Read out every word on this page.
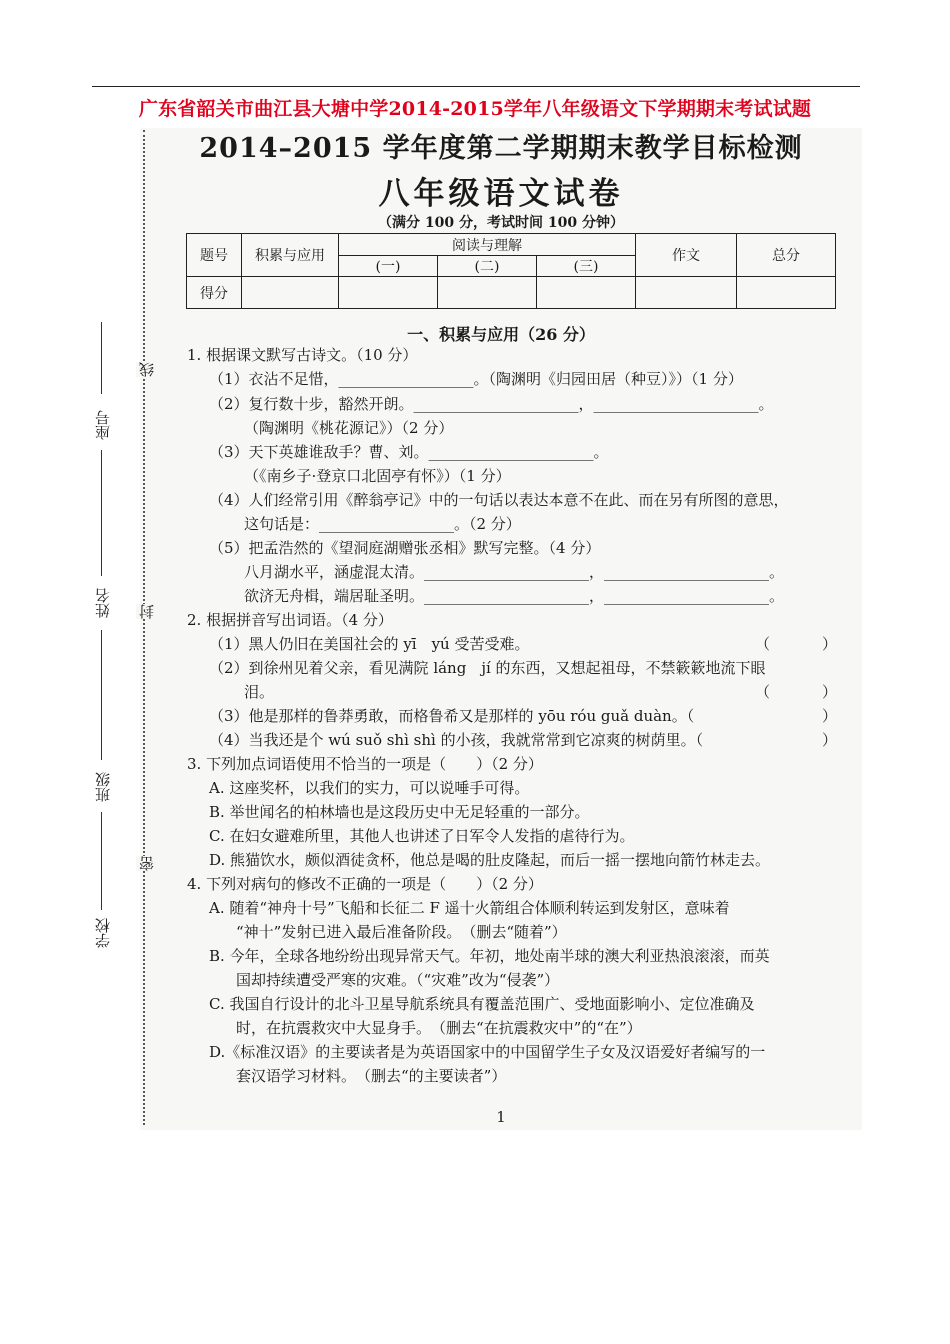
广东省韶关市曲江县大塘中学2014-2015学年八年级语文下学期期末考试试题
座号
姓名
班级
学校
线
封
密
2014–2015 学年度第二学期期末教学目标检测
八年级语文试卷
（满分 100 分，考试时间 100 分钟）
题号	积累与应用	阅读与理解			作文	总分
		(一)	(二)	(三)		
得分						
一、积累与应用（26 分）
1. 根据课文默写古诗文。（10 分）
（1）衣沾不足惜，__________________。（陶渊明《归园田居（种豆）》）（1 分）
（2）复行数十步，豁然开朗。______________________，______________________。
（陶渊明《桃花源记》）（2 分）
（3）天下英雄谁敌手？曹、刘。______________________。
（《南乡子·登京口北固亭有怀》）（1 分）
（4）人们经常引用《醉翁亭记》中的一句话以表达本意不在此、而在另有所图的意思，
这句话是：__________________。（2 分）
（5）把孟浩然的《望洞庭湖赠张丞相》默写完整。（4 分）
八月湖水平，涵虚混太清。______________________，______________________。
欲济无舟楫，端居耻圣明。______________________，______________________。
2. 根据拼音写出词语。（4 分）
（1）黑人仍旧在美国社会的 yī　yú 受苦受难。	（	）
（2）到徐州见着父亲，看见满院 láng　jí 的东西，又想起祖母，不禁簌簌地流下眼
泪。	（	）
（3）他是那样的鲁莽勇敢，而格鲁希又是那样的 yōu róu guǎ duàn。（	）
（4）当我还是个 wú suǒ shì shì 的小孩，我就常常到它凉爽的树荫里。（	）
3. 下列加点词语使用不恰当的一项是（　　）（2 分）
A. 这座奖杯，以我们的实力，可以说唾手可得。
B. 举世闻名的柏林墙也是这段历史中无足轻重的一部分。
C. 在妇女避难所里，其他人也讲述了日军令人发指的虐待行为。
D. 熊猫饮水，颇似酒徒贪杯，他总是喝的肚皮隆起，而后一摇一摆地向箭竹林走去。
4. 下列对病句的修改不正确的一项是（　　）（2 分）
A. 随着“神舟十号”飞船和长征二 F 遥十火箭组合体顺利转运到发射区，意味着
“神十”发射已进入最后准备阶段。　（删去“随着”）
B. 今年，全球各地纷纷出现异常天气。年初，地处南半球的澳大利亚热浪滚滚，而英
国却持续遭受严寒的灾难。（“灾难”改为“侵袭”）
C. 我国自行设计的北斗卫星导航系统具有覆盖范围广、受地面影响小、定位准确及
时，在抗震救灾中大显身手。　（删去“在抗震救灾中”的“在”）
D.《标准汉语》的主要读者是为英语国家中的中国留学生子女及汉语爱好者编写的一
套汉语学习材料。　（删去“的主要读者”）
1
